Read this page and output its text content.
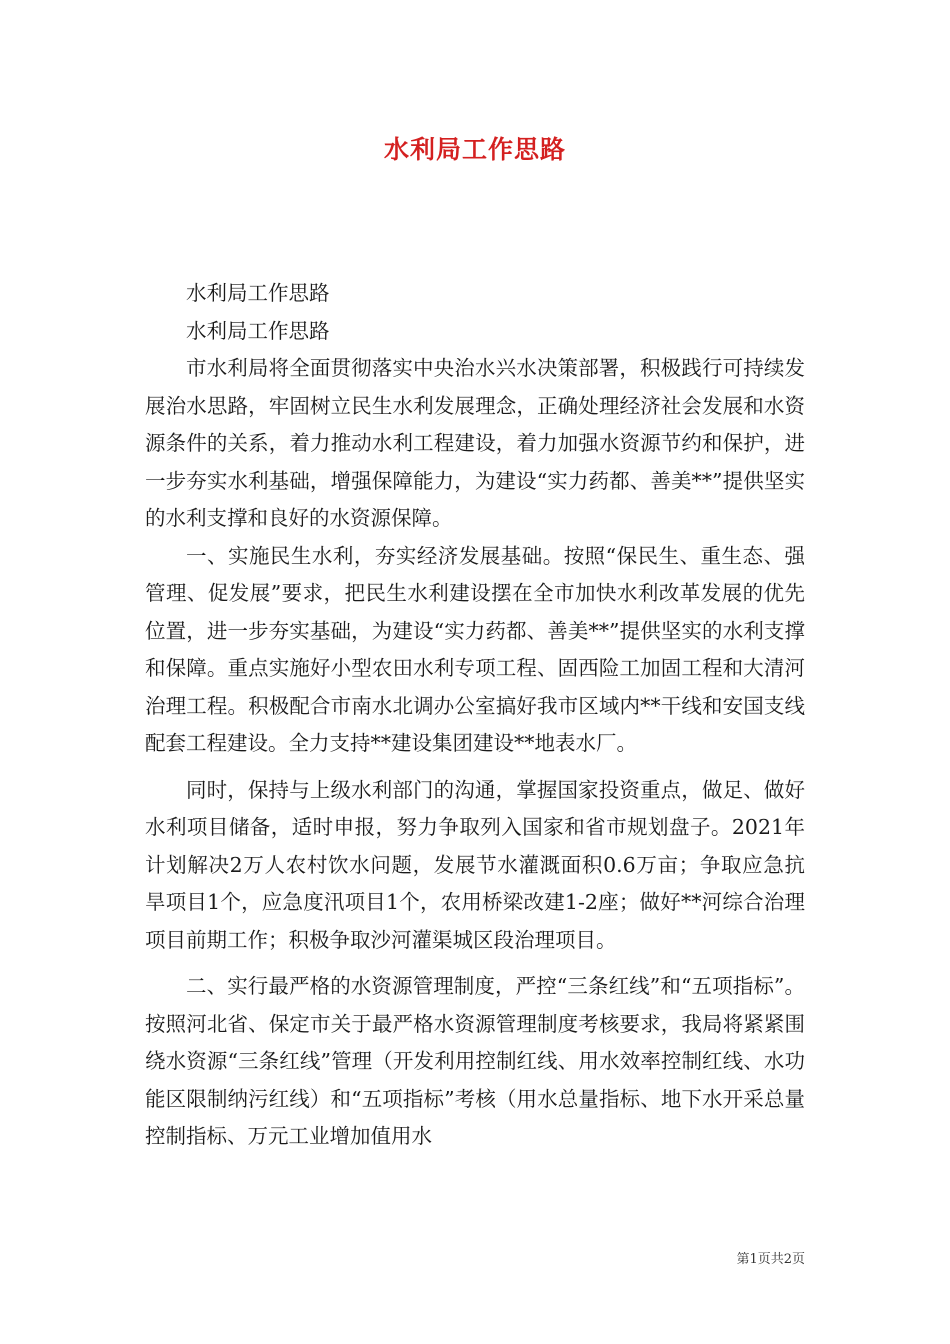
水利局工作思路

水利局工作思路

水利局工作思路

市水利局将全面贯彻落实中央治水兴水决策部署，积极践行可持续发展治水思路，牢固树立民生水利发展理念，正确处理经济社会发展和水资源条件的关系，着力推动水利工程建设，着力加强水资源节约和保护，进一步夯实水利基础，增强保障能力，为建设“实力药都、善美**”提供坚实的水利支撑和良好的水资源保障。

一、实施民生水利，夯实经济发展基础。按照“保民生、重生态、强管理、促发展”要求，把民生水利建设摆在全市加快水利改革发展的优先位置，进一步夯实基础，为建设“实力药都、善美**”提供坚实的水利支撑和保障。重点实施好小型农田水利专项工程、固西险工加固工程和大清河治理工程。积极配合市南水北调办公室搞好我市区域内**干线和安国支线配套工程建设。全力支持**建设集团建设**地表水厂。

同时，保持与上级水利部门的沟通，掌握国家投资重点，做足、做好水利项目储备，适时申报，努力争取列入国家和省市规划盘子。2021年计划解决2万人农村饮水问题，发展节水灌溉面积0.6万亩；争取应急抗旱项目1个，应急度汛项目1个，农用桥梁改建1-2座；做好**河综合治理项目前期工作；积极争取沙河灌渠城区段治理项目。

二、实行最严格的水资源管理制度，严控“三条红线”和“五项指标”。按照河北省、保定市关于最严格水资源管理制度考核要求，我局将紧紧围绕水资源“三条红线”管理（开发利用控制红线、用水效率控制红线、水功能区限制纳污红线）和“五项指标”考核（用水总量指标、地下水开采总量控制指标、万元工业增加值用水

第1页共2页
